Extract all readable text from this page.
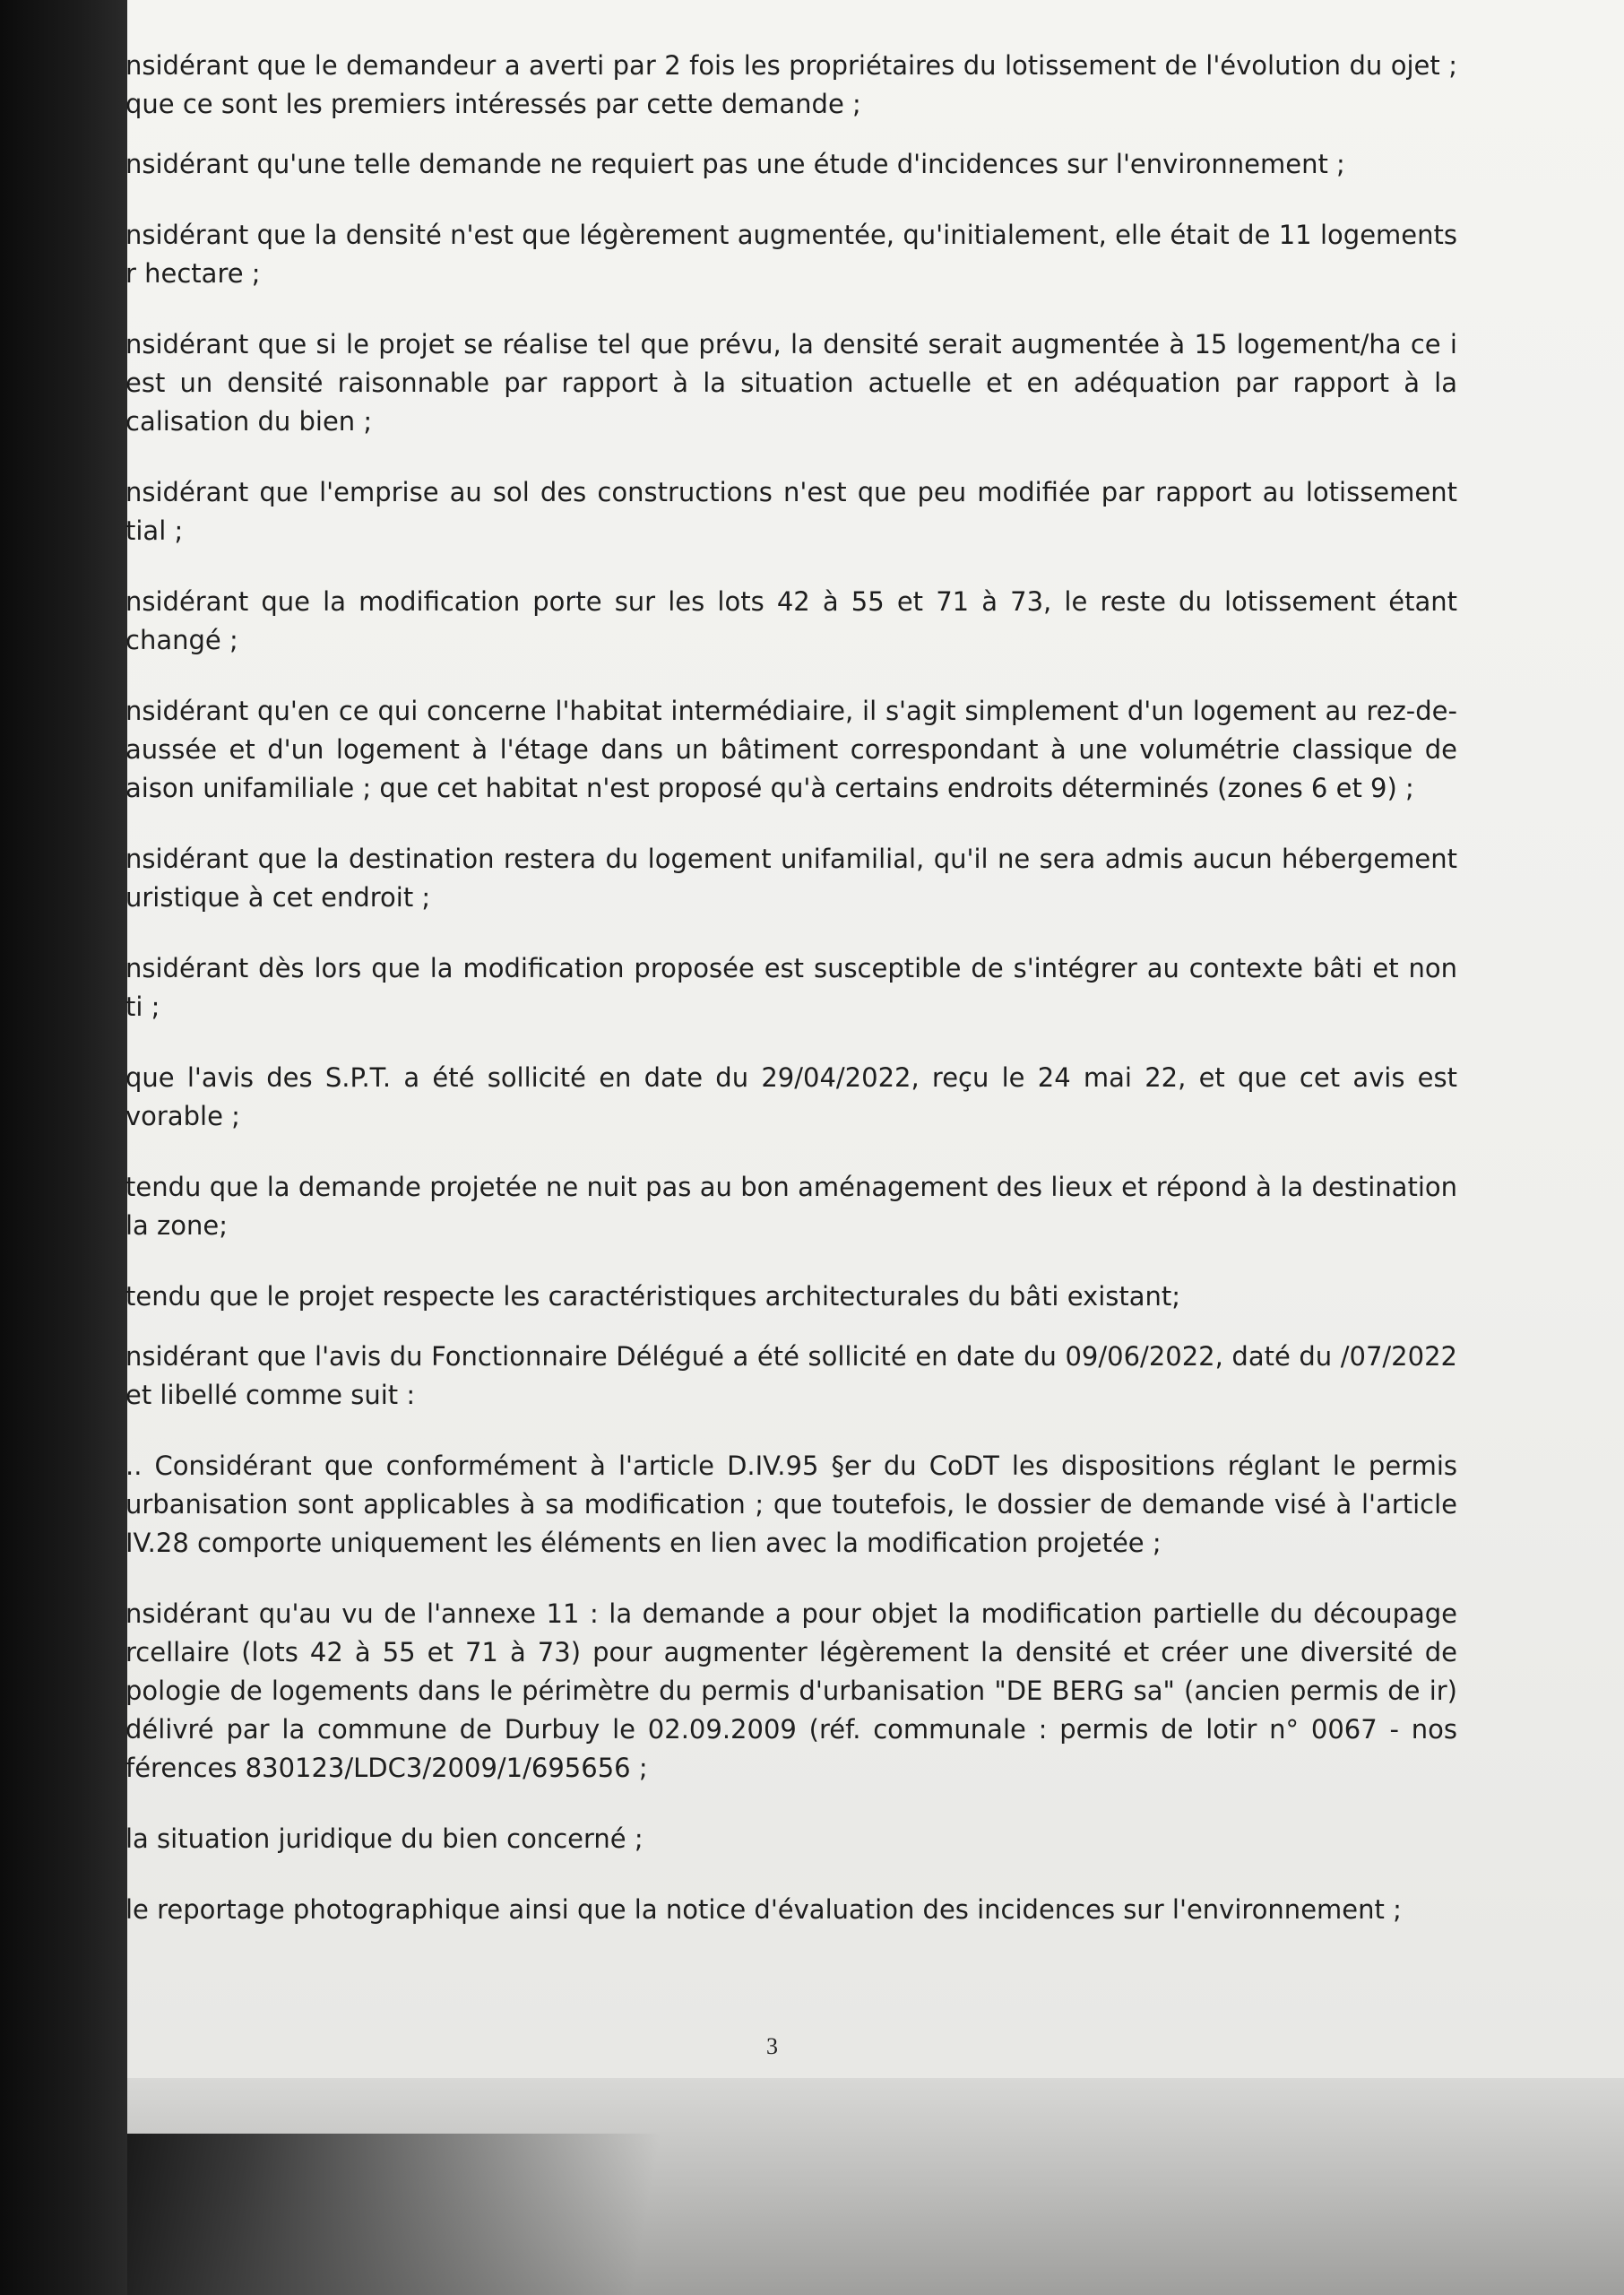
nsidérant que le demandeur a averti par 2 fois les propriétaires du lotissement de l'évolution du ojet ; que ce sont les premiers intéressés par cette demande ;

nsidérant qu'une telle demande ne requiert pas une étude d'incidences sur l'environnement ;

nsidérant que la densité n'est que légèrement augmentée, qu'initialement, elle était de 11 logements r hectare ;

nsidérant que si le projet se réalise tel que prévu, la densité serait augmentée à 15 logement/ha ce i est un densité raisonnable par rapport à la situation actuelle et en adéquation par rapport à la calisation du bien ;

nsidérant que l'emprise au sol des constructions n'est que peu modifiée par rapport au lotissement tial ;

nsidérant que la modification porte sur les lots 42 à 55 et 71 à 73, le reste du lotissement étant changé ;

nsidérant qu'en ce qui concerne l'habitat intermédiaire, il s'agit simplement d'un logement au rez-de-aussée et d'un logement à l'étage dans un bâtiment correspondant à une volumétrie classique de aison unifamiliale ; que cet habitat n'est proposé qu'à certains endroits déterminés (zones 6 et 9) ;

nsidérant que la destination restera du logement unifamilial, qu'il ne sera admis aucun hébergement uristique à cet endroit ;

nsidérant dès lors que la modification proposée est susceptible de s'intégrer au contexte bâti et non ti ;

que l'avis des S.P.T. a été sollicité en date du 29/04/2022, reçu le 24 mai 22, et que cet avis est vorable ;

tendu que la demande projetée ne nuit pas au bon aménagement des lieux et répond à la destination la zone;

tendu que le projet respecte les caractéristiques architecturales du bâti existant;

nsidérant que l'avis du Fonctionnaire Délégué a été sollicité en date du 09/06/2022, daté du /07/2022 et libellé comme suit :

.. Considérant que conformément à l'article D.IV.95 §er du CoDT les dispositions réglant le permis urbanisation sont applicables à sa modification ; que toutefois, le dossier de demande visé à l'article IV.28 comporte uniquement les éléments en lien avec la modification projetée ;

nsidérant qu'au vu de l'annexe 11 : la demande a pour objet la modification partielle du découpage rcellaire (lots 42 à 55 et 71 à 73) pour augmenter légèrement la densité et créer une diversité de pologie de logements dans le périmètre du permis d'urbanisation "DE BERG sa" (ancien permis de ir) délivré par la commune de Durbuy le 02.09.2009 (réf. communale : permis de lotir n° 0067 - nos férences 830123/LDC3/2009/1/695656 ;

la situation juridique du bien concerné ;

le reportage photographique ainsi que la notice d'évaluation des incidences sur l'environnement ;

3
